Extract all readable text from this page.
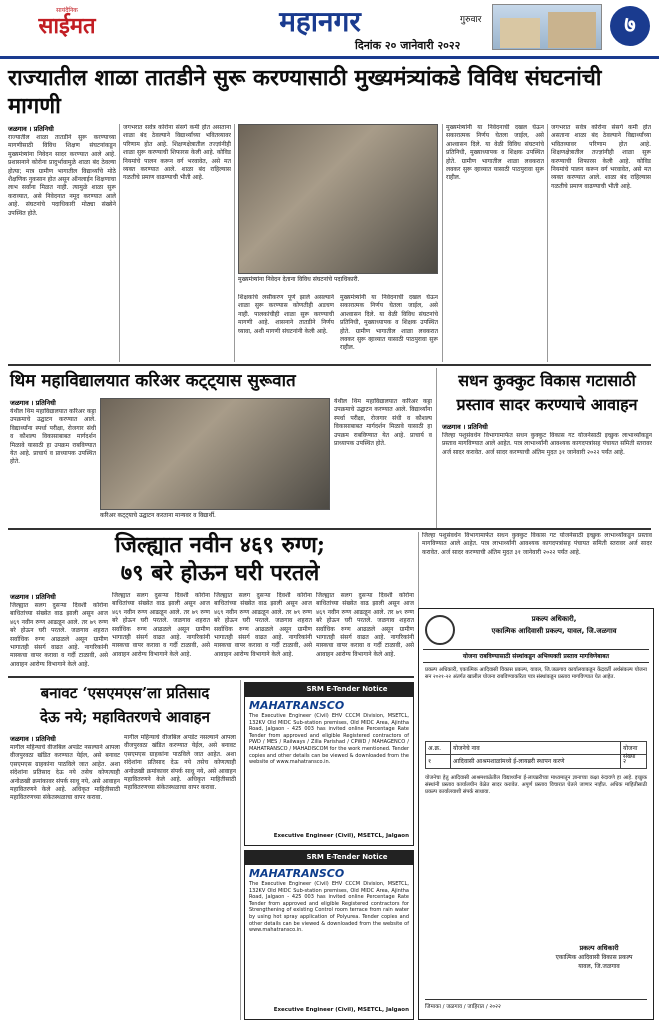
सायंदैनिक
साईमत	महानगर	गुरुवार
दिनांक २० जानेवारी २०२२
७
राज्यातील शाळा तातडीने सुरू करण्यासाठी मुख्यमंत्र्यांकडे विविध संघटनांची मागणी
जळगाव । प्रतिनिधी
राज्यातील शाळा तातडीने सुरू करण्याच्या मागणीसाठी विविध शिक्षण संघटनांकडून मुख्यमंत्र्यांना निवेदन सादर करण्यात आले आहे. प्रशासनाने कोरोना प्रादुर्भावामुळे शाळा बंद ठेवल्या होत्या; मात्र ग्रामीण भागातील विद्यार्थ्यांचे मोठे शैक्षणिक नुकसान होत असून ऑनलाईन शिक्षणाचा लाभ सर्वांना मिळत नाही. त्यामुळे शाळा सुरू कराव्यात, असे निवेदनात नमूद करण्यात आले आहे. संघटनांचे पदाधिकारी मोठ्या संख्येने उपस्थित होते.
जगभरात सर्वत्र कोरोना संसर्ग कमी होत असताना शाळा बंद ठेवल्याने विद्यार्थ्यांच्या भवितव्यावर परिणाम होत आहे. शिक्षणक्षेत्रातील तज्ज्ञांनीही शाळा सुरू करण्याची शिफारस केली आहे. कोविड नियमांचे पालन करून वर्ग भरवावेत, असे मत व्यक्त करण्यात आले. शाळा बंद राहिल्यास गळतीचे प्रमाण वाढण्याची भीती आहे.
मुख्यमंत्र्यांना निवेदन देताना विविध संघटनांचे पदाधिकारी.
शिक्षकांचे लसीकरण पूर्ण झाले असल्याने शाळा सुरू करण्यास कोणतीही अडचण नाही. पालकांचीही शाळा सुरू करण्याची मागणी आहे. शासनाने तातडीने निर्णय घ्यावा, अशी मागणी संघटनांनी केली आहे.
मुख्यमंत्र्यांनी या निवेदनाची दखल घेऊन सकारात्मक निर्णय घेतला जाईल, असे आश्वासन दिले. या वेळी विविध संघटनांचे प्रतिनिधी, मुख्याध्यापक व शिक्षक उपस्थित होते. ग्रामीण भागातील शाळा लवकरात लवकर सुरू व्हाव्यात यासाठी पाठपुरावा सुरू राहील.
मुख्यमंत्र्यांनी या निवेदनाची दखल घेऊन सकारात्मक निर्णय घेतला जाईल, असे आश्वासन दिले. या वेळी विविध संघटनांचे प्रतिनिधी, मुख्याध्यापक व शिक्षक उपस्थित होते. ग्रामीण भागातील शाळा लवकरात लवकर सुरू व्हाव्यात यासाठी पाठपुरावा सुरू राहील.
जगभरात सर्वत्र कोरोना संसर्ग कमी होत असताना शाळा बंद ठेवल्याने विद्यार्थ्यांच्या भवितव्यावर परिणाम होत आहे. शिक्षणक्षेत्रातील तज्ज्ञांनीही शाळा सुरू करण्याची शिफारस केली आहे. कोविड नियमांचे पालन करून वर्ग भरवावेत, असे मत व्यक्त करण्यात आले. शाळा बंद राहिल्यास गळतीचे प्रमाण वाढण्याची भीती आहे.
थिम महाविद्यालयात करिअर कट्ट्यास सुरूवात
जळगाव । प्रतिनिधी
येथील थिम महाविद्यालयात करिअर कट्टा उपक्रमाचे उद्घाटन करण्यात आले. विद्यार्थ्यांना स्पर्धा परीक्षा, रोजगार संधी व कौशल्य विकासाबाबत मार्गदर्शन मिळावे यासाठी हा उपक्रम राबविण्यात येत आहे. प्राचार्य व प्राध्यापक उपस्थित होते.
करिअर कट्ट्याचे उद्घाटन करताना मान्यवर व विद्यार्थी.
येथील थिम महाविद्यालयात करिअर कट्टा उपक्रमाचे उद्घाटन करण्यात आले. विद्यार्थ्यांना स्पर्धा परीक्षा, रोजगार संधी व कौशल्य विकासाबाबत मार्गदर्शन मिळावे यासाठी हा उपक्रम राबविण्यात येत आहे. प्राचार्य व प्राध्यापक उपस्थित होते.
सधन कुक्कुट विकास गटासाठी
प्रस्ताव सादर करण्याचे आवाहन
जळगाव । प्रतिनिधी
जिल्हा पशुसंवर्धन विभागामार्फत सधन कुक्कुट विकास गट योजनेसाठी इच्छुक लाभार्थ्यांकडून प्रस्ताव मागविण्यात आले आहेत. पात्र लाभार्थ्यांनी आवश्यक कागदपत्रांसह पंचायत समिती स्तरावर अर्ज सादर करावेत. अर्ज सादर करण्याची अंतिम मुदत ३१ जानेवारी २०२२ पर्यंत आहे.
जिल्ह्यात नवीन ४६९ रुग्ण;
७९ बरे होऊन घरी परतले
जळगाव । प्रतिनिधी
जिल्ह्यात सलग दुसऱ्या दिवशी कोरोना बाधितांच्या संख्येत वाढ झाली असून आज ४६९ नवीन रुग्ण आढळून आले. तर ७९ रुग्ण बरे होऊन घरी परतले. जळगाव शहरात सर्वाधिक रुग्ण आढळले असून ग्रामीण भागातही संसर्ग वाढत आहे. नागरिकांनी मास्कचा वापर करावा व गर्दी टाळावी, असे आवाहन आरोग्य विभागाने केले आहे.
जिल्ह्यात सलग दुसऱ्या दिवशी कोरोना बाधितांच्या संख्येत वाढ झाली असून आज ४६९ नवीन रुग्ण आढळून आले. तर ७९ रुग्ण बरे होऊन घरी परतले. जळगाव शहरात सर्वाधिक रुग्ण आढळले असून ग्रामीण भागातही संसर्ग वाढत आहे. नागरिकांनी मास्कचा वापर करावा व गर्दी टाळावी, असे आवाहन आरोग्य विभागाने केले आहे.
जिल्ह्यात सलग दुसऱ्या दिवशी कोरोना बाधितांच्या संख्येत वाढ झाली असून आज ४६९ नवीन रुग्ण आढळून आले. तर ७९ रुग्ण बरे होऊन घरी परतले. जळगाव शहरात सर्वाधिक रुग्ण आढळले असून ग्रामीण भागातही संसर्ग वाढत आहे. नागरिकांनी मास्कचा वापर करावा व गर्दी टाळावी, असे आवाहन आरोग्य विभागाने केले आहे.
जिल्ह्यात सलग दुसऱ्या दिवशी कोरोना बाधितांच्या संख्येत वाढ झाली असून आज ४६९ नवीन रुग्ण आढळून आले. तर ७९ रुग्ण बरे होऊन घरी परतले. जळगाव शहरात सर्वाधिक रुग्ण आढळले असून ग्रामीण भागातही संसर्ग वाढत आहे. नागरिकांनी मास्कचा वापर करावा व गर्दी टाळावी, असे आवाहन आरोग्य विभागाने केले आहे.
जिल्हा पशुसंवर्धन विभागामार्फत सधन कुक्कुट विकास गट योजनेसाठी इच्छुक लाभार्थ्यांकडून प्रस्ताव मागविण्यात आले आहेत. पात्र लाभार्थ्यांनी आवश्यक कागदपत्रांसह पंचायत समिती स्तरावर अर्ज सादर करावेत. अर्ज सादर करण्याची अंतिम मुदत ३१ जानेवारी २०२२ पर्यंत आहे.
प्रकल्प अधिकारी,
एकात्मिक आदिवासी प्रकल्प, यावल, जि.जळगाव
योजना राबविण्यासाठी संस्थांकडून अभिव्यक्ती प्रस्ताव मागविणेबाबत
प्रकल्प अधिकारी, एकात्मिक आदिवासी विकास प्रकल्प, यावल, जि.जळगाव कार्यालयाकडून केंद्रवर्ती अर्थसंकल्प योजना सन २०२१-२२ अंतर्गत खालील योजना राबविण्याकरिता पात्र संस्थांकडून प्रस्ताव मागविण्यात येत आहेत.
अ.क्र.	योजनेचे नाव	योजना संख्या
१	आदिवासी आश्रमशाळांमध्ये ई-लायब्ररी स्थापन करणे	२
योजनेचा हेतु आदिवासी आश्रमशाळेतील विद्यार्थ्यांना ई-लायब्ररीच्या माध्यमातून ज्ञानाच्या कक्षा रुंदावणे हा आहे. इच्छुक संस्थांनी प्रस्ताव कार्यालयीन वेळेत सादर करावेत. अपूर्ण प्रस्ताव विचारात घेतले जाणार नाहीत. अधिक माहितीसाठी प्रकल्प कार्यालयाशी संपर्क साधावा.
प्रकल्प अधिकारी
एकात्मिक आदिवासी विकास प्रकल्प
यावल, जि.जळगाव
जिमाका / जळगाव / जाहिरात / २०२२
बनावट ‘एसएमएस’ला प्रतिसाद
देऊ नये; महावितरणचे आवाहन
जळगाव । प्रतिनिधी
मागील महिन्याचे वीजबिल अपडेट नसल्याने आपला वीजपुरवठा खंडित करण्यात येईल, असे बनावट एसएमएस ग्राहकांना पाठविले जात आहेत. अशा संदेशांना प्रतिसाद देऊ नये तसेच कोणत्याही अनोळखी क्रमांकावर संपर्क साधू नये, असे आवाहन महावितरणने केले आहे. अधिकृत माहितीसाठी महावितरणच्या संकेतस्थळाचा वापर करावा.
मागील महिन्याचे वीजबिल अपडेट नसल्याने आपला वीजपुरवठा खंडित करण्यात येईल, असे बनावट एसएमएस ग्राहकांना पाठविले जात आहेत. अशा संदेशांना प्रतिसाद देऊ नये तसेच कोणत्याही अनोळखी क्रमांकावर संपर्क साधू नये, असे आवाहन महावितरणने केले आहे. अधिकृत माहितीसाठी महावितरणच्या संकेतस्थळाचा वापर करावा.
SRM E-Tender Notice
MAHATRANSCO
The Executive Engineer (Civil) EHV CCCM Division, MSETCL, 132KV Old MIDC Sub-station premises, Old MIDC Area, Ajintha Road, Jalgaon - 425 003 has invited online Percentage Rate Tender from approved and eligible Registered contractors of PWD / MES / Railways / Zilla Parishad / CPWD / MAHAGENCO / MAHATRANSCO / MAHADISCOM for the work mentioned. Tender copies and other details can be viewed & downloaded from the website of www.mahatransco.in.
Executive Engineer (Civil), MSETCL, Jalgaon
SRM E-Tender Notice
MAHATRANSCO
The Executive Engineer (Civil) EHV CCCM Division, MSETCL, 132KV Old MIDC Sub-station premises, Old MIDC Area, Ajintha Road, Jalgaon - 425 003 has invited online Percentage Rate Tender from approved and eligible Registered contractors for Strengthening of existing Control room terrace from rain water by using hot spray application of Polyurea. Tender copies and other details can be viewed & downloaded from the website of www.mahatransco.in.
Executive Engineer (Civil), MSETCL, Jalgaon
